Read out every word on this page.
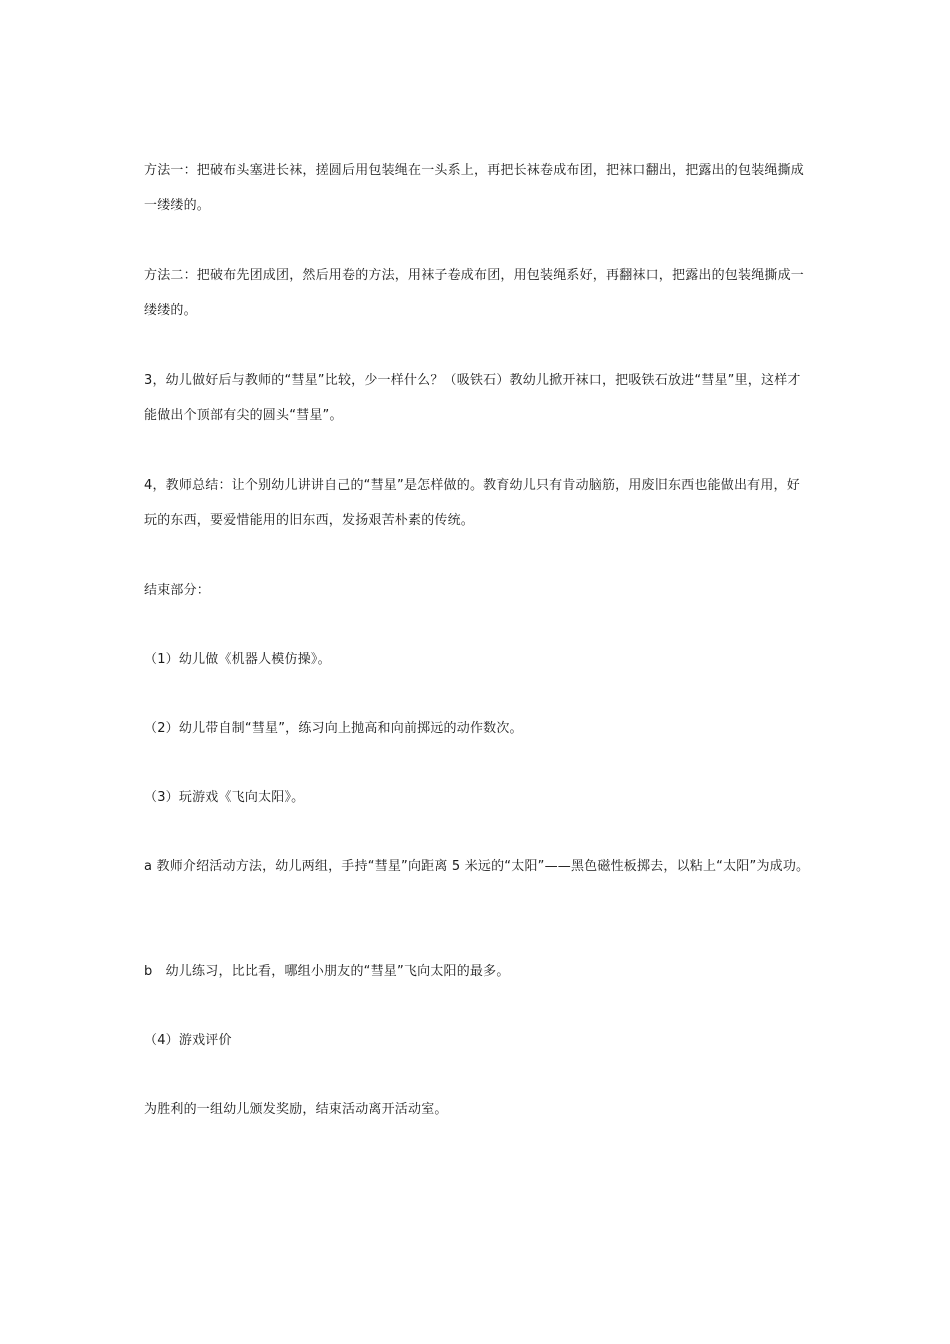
方法一：把破布头塞进长袜，搓圆后用包装绳在一头系上，再把长袜卷成布团，把袜口翻出，把露出的包装绳撕成一缕缕的。

方法二：把破布先团成团，然后用卷的方法，用袜子卷成布团，用包装绳系好，再翻袜口，把露出的包装绳撕成一缕缕的。

3，幼儿做好后与教师的“彗星”比较，少一样什么？（吸铁石）教幼儿掀开袜口，把吸铁石放进“彗星”里，这样才能做出个顶部有尖的圆头“彗星”。

4，教师总结：让个别幼儿讲讲自己的“彗星”是怎样做的。教育幼儿只有肯动脑筋，用废旧东西也能做出有用，好玩的东西，要爱惜能用的旧东西，发扬艰苦朴素的传统。

结束部分：

（1）幼儿做《机器人模仿操》。

（2）幼儿带自制“彗星”，练习向上抛高和向前掷远的动作数次。

（3）玩游戏《飞向太阳》。

a 教师介绍活动方法，幼儿两组，手持“彗星”向距离 5 米远的“太阳”——黑色磁性板掷去，以粘上“太阳”为成功。

b　幼儿练习，比比看，哪组小朋友的“彗星”飞向太阳的最多。

（4）游戏评价

为胜利的一组幼儿颁发奖励，结束活动离开活动室。
